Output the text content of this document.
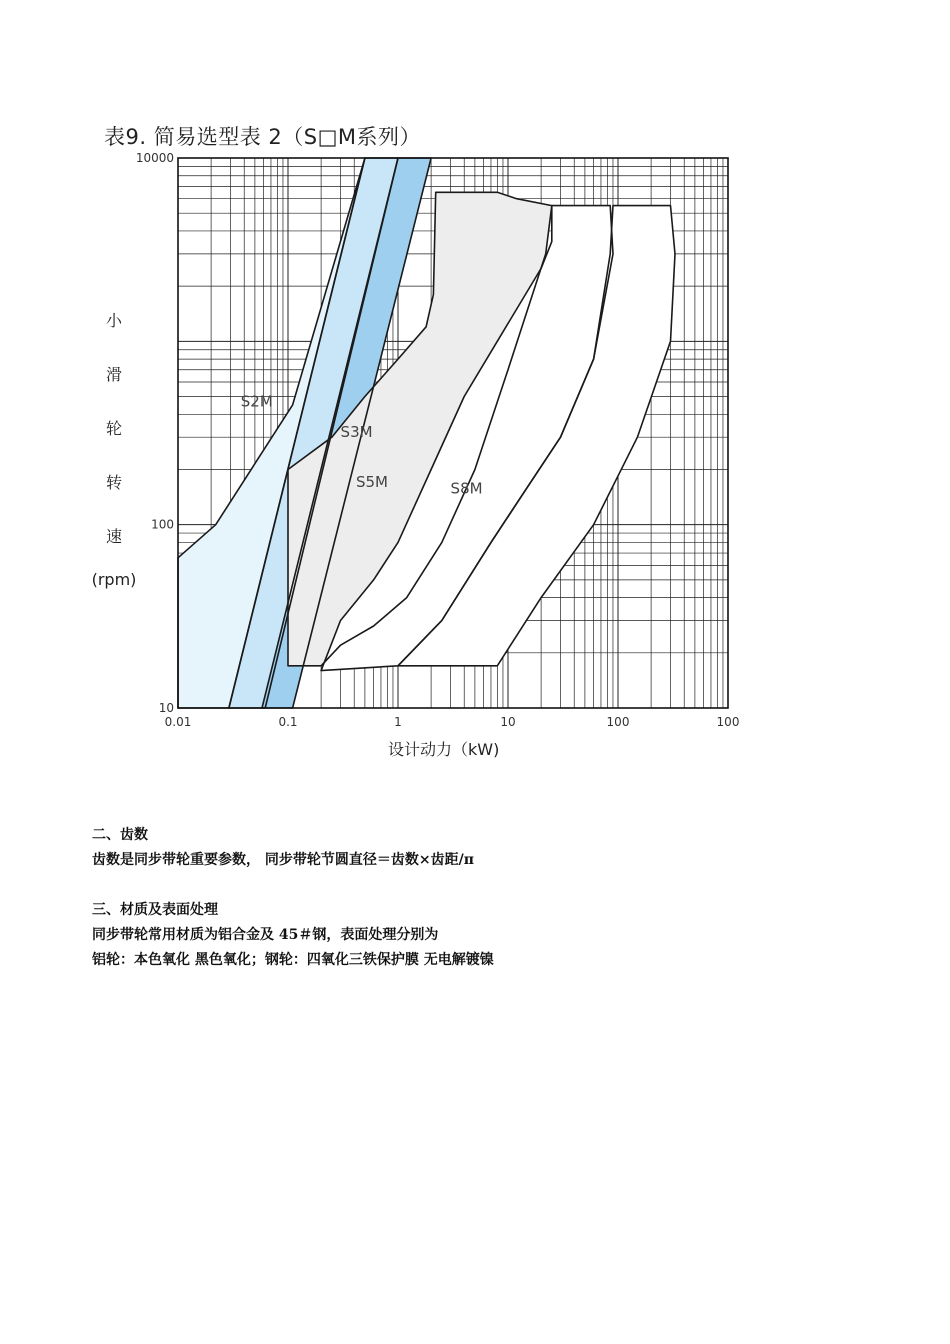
表9. 简易选型表 2（S□M系列）
0.01	0.1	1	10	100	100
10
100
10000
S2M
S3M
S5M	S8M
小
滑
轮
转
速
(rpm)
设计动力（kW)
二、齿数
齿数是同步带轮重要参数， 同步带轮节圆直径＝齿数×齿距/π
三、材质及表面处理
同步带轮常用材质为铝合金及 45＃钢，表面处理分别为
铝轮：本色氧化 黑色氧化；钢轮：四氧化三铁保护膜 无电解镀镍
